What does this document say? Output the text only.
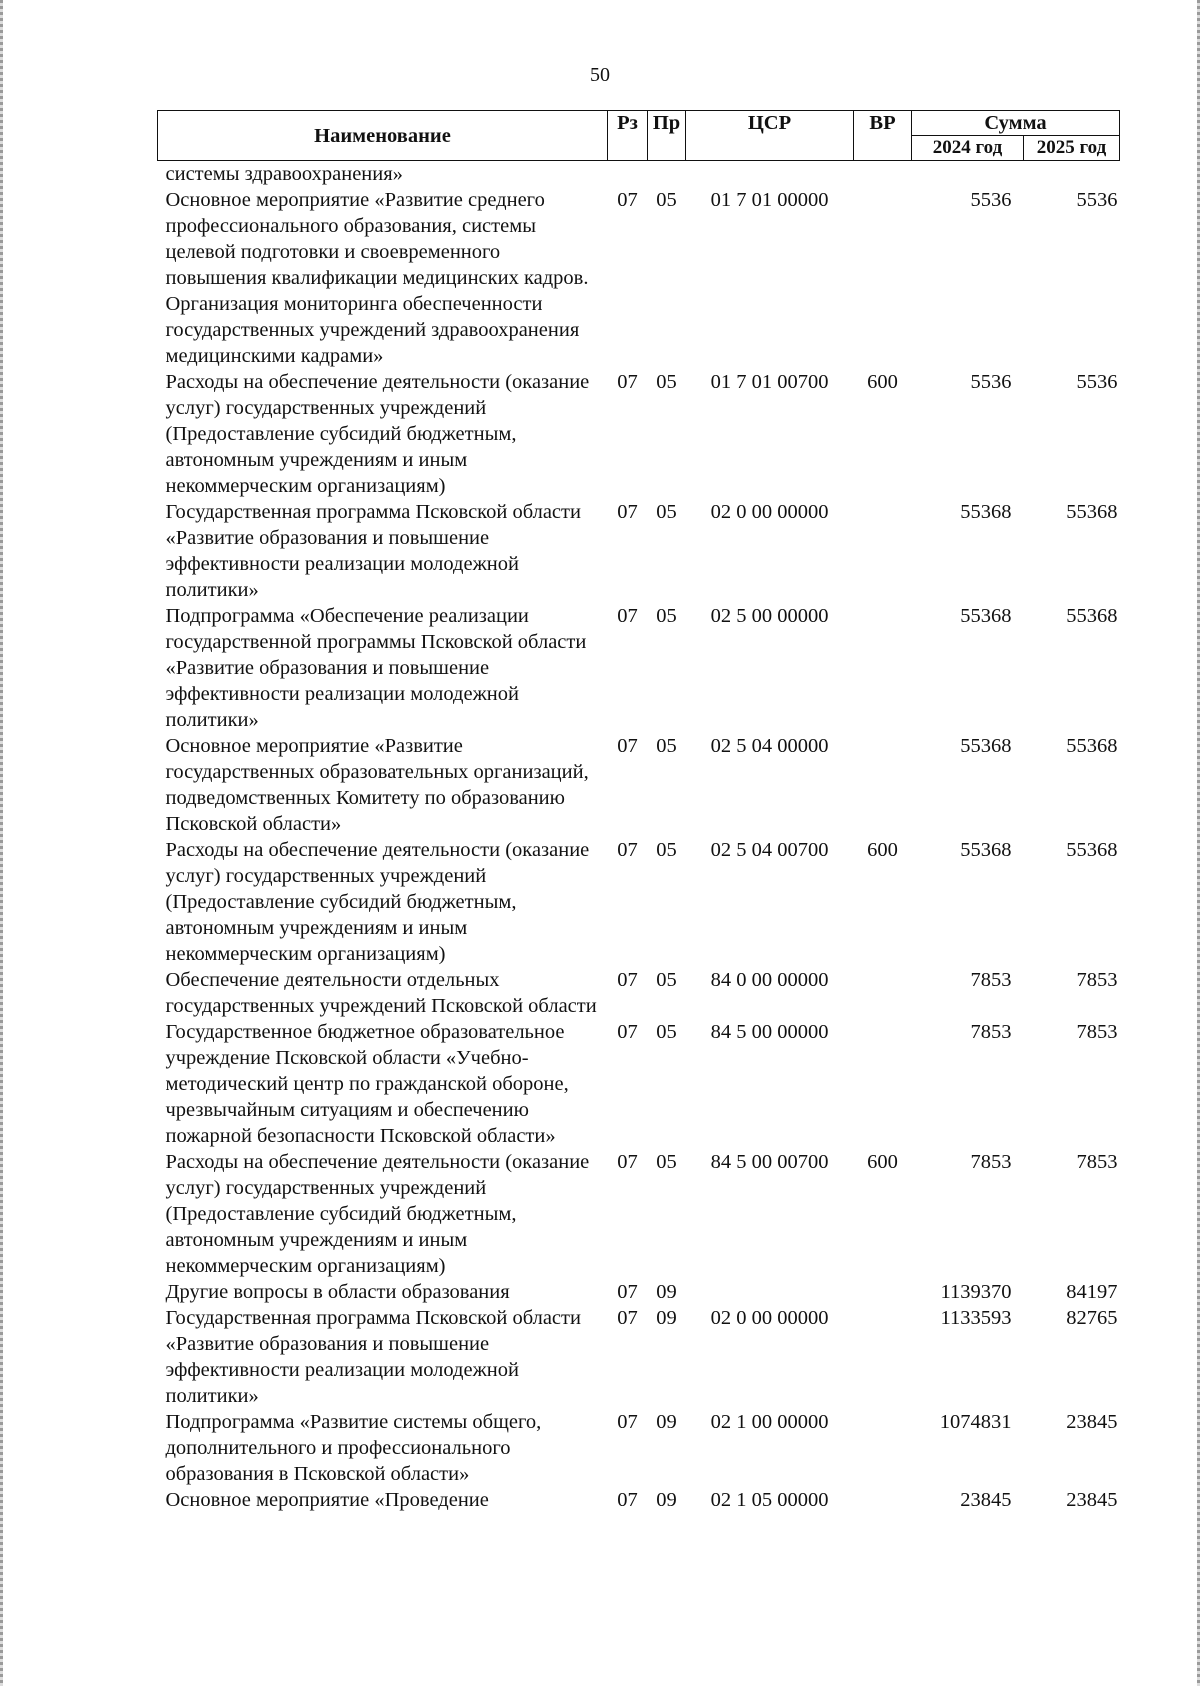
50
Наименование	Рз	Пр	ЦСР	ВР	Сумма	
					2024 год	2025 год
системы здравоохранения»						
Основное мероприятие «Развитие среднего профессионального образования, системы целевой подготовки и своевременного повышения квалификации медицинских кадров. Организация мониторинга обеспеченности государственных учреждений здравоохранения медицинскими кадрами»	07	05	01 7 01 00000		5536	5536
Расходы на обеспечение деятельности (оказание услуг) государственных учреждений (Предоставление субсидий бюджетным, автономным учреждениям и иным некоммерческим организациям)	07	05	01 7 01 00700	600	5536	5536
Государственная программа Псковской области «Развитие образования и повышение эффективности реализации молодежной политики»	07	05	02 0 00 00000		55368	55368
Подпрограмма «Обеспечение реализации государственной программы Псковской области «Развитие образования и повышение эффективности реализации молодежной политики»	07	05	02 5 00 00000		55368	55368
Основное мероприятие «Развитие государственных образовательных организаций, подведомственных Комитету по образованию Псковской области»	07	05	02 5 04 00000		55368	55368
Расходы на обеспечение деятельности (оказание услуг) государственных учреждений (Предоставление субсидий бюджетным, автономным учреждениям и иным некоммерческим организациям)	07	05	02 5 04 00700	600	55368	55368
Обеспечение деятельности отдельных государственных учреждений Псковской области	07	05	84 0 00 00000		7853	7853
Государственное бюджетное образовательное учреждение Псковской области «Учебно-методический центр по гражданской обороне, чрезвычайным ситуациям и обеспечению пожарной безопасности Псковской области»	07	05	84 5 00 00000		7853	7853
Расходы на обеспечение деятельности (оказание услуг) государственных учреждений (Предоставление субсидий бюджетным, автономным учреждениям и иным некоммерческим организациям)	07	05	84 5 00 00700	600	7853	7853
Другие вопросы в области образования	07	09			1139370	84197
Государственная программа Псковской области «Развитие образования и повышение эффективности реализации молодежной политики»	07	09	02 0 00 00000		1133593	82765
Подпрограмма «Развитие системы общего, дополнительного и профессионального образования в Псковской области»	07	09	02 1 00 00000		1074831	23845
Основное мероприятие «Проведение	07	09	02 1 05 00000		23845	23845
